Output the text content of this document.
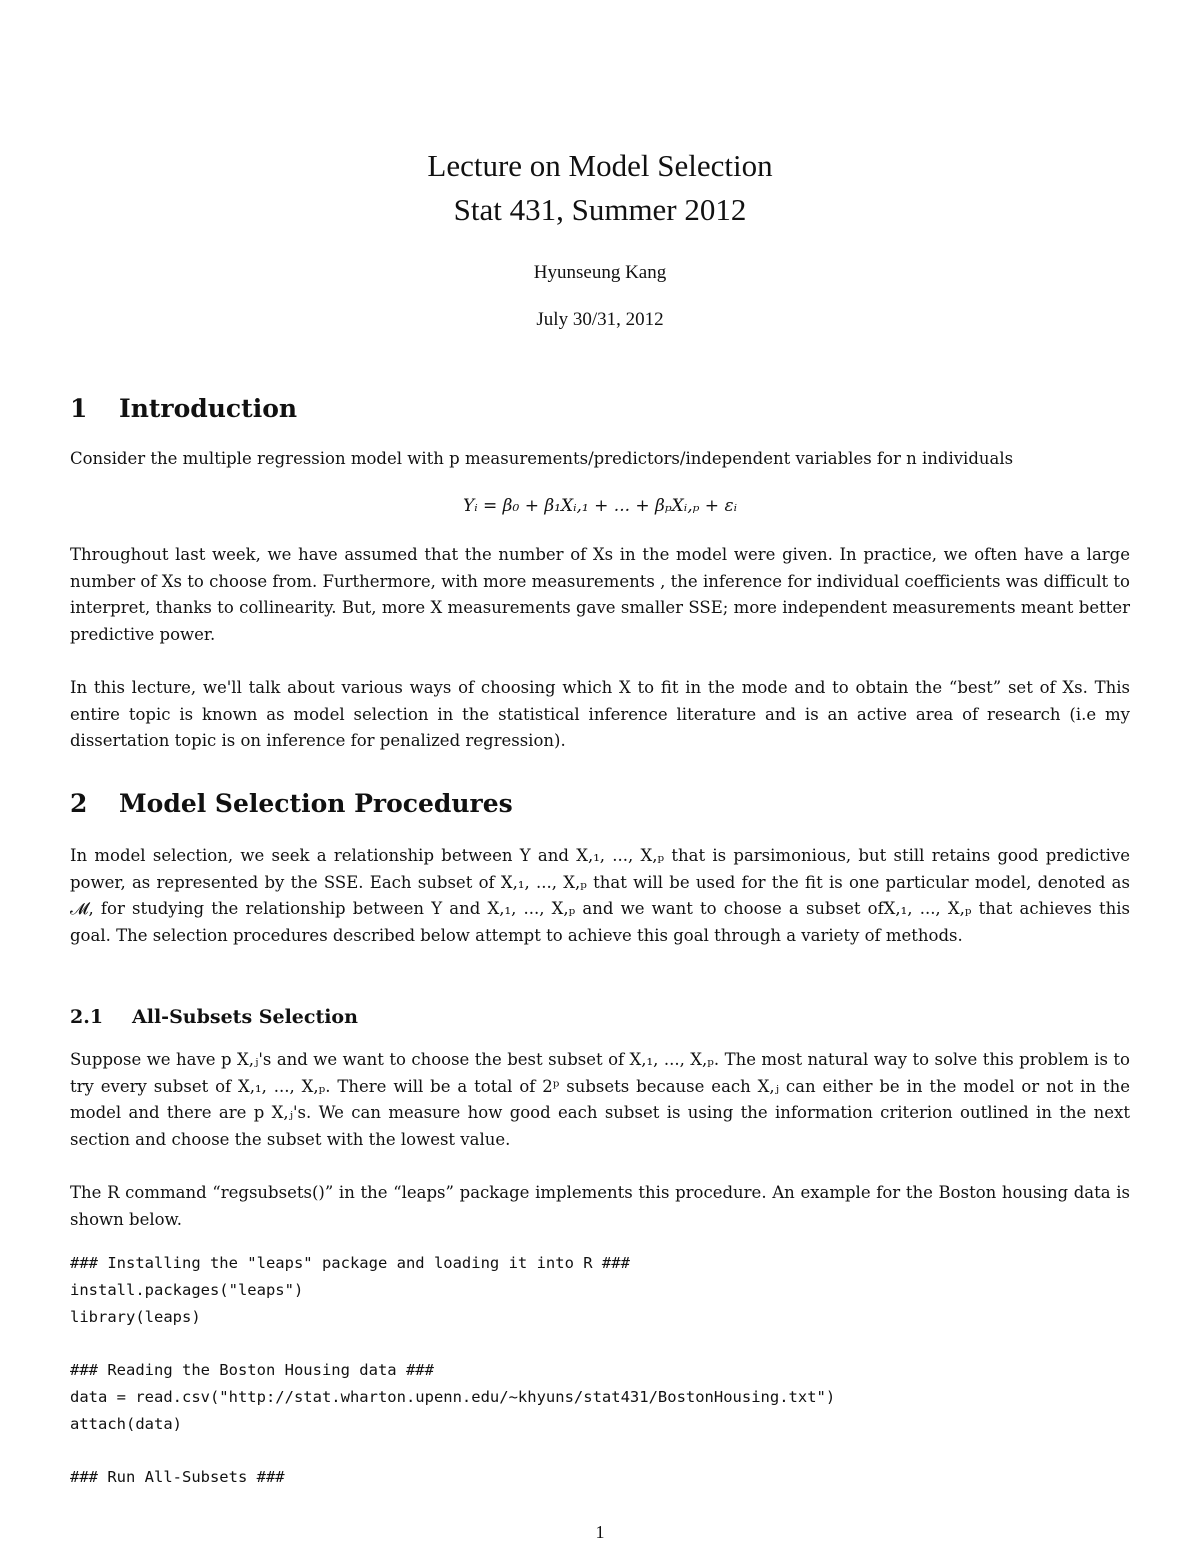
Lecture on Model Selection
Stat 431, Summer 2012
Hyunseung Kang
July 30/31, 2012
1 Introduction

Consider the multiple regression model with p measurements/predictors/independent variables for n individuals

Yᵢ = β₀ + β₁Xᵢ,₁ + ... + βₚXᵢ,ₚ + εᵢ

Throughout last week, we have assumed that the number of Xs in the model were given. In practice, we often have a large number of Xs to choose from. Furthermore, with more measurements , the inference for individual coefficients was difficult to interpret, thanks to collinearity. But, more X measurements gave smaller SSE; more independent measurements meant better predictive power.

In this lecture, we'll talk about various ways of choosing which X to fit in the mode and to obtain the “best” set of Xs. This entire topic is known as model selection in the statistical inference literature and is an active area of research (i.e my dissertation topic is on inference for penalized regression).

2 Model Selection Procedures

In model selection, we seek a relationship between Y and X,₁, ..., X,ₚ that is parsimonious, but still retains good predictive power, as represented by the SSE. Each subset of X,₁, ..., X,ₚ that will be used for the fit is one particular model, denoted as 𝓜, for studying the relationship between Y and X,₁, ..., X,ₚ and we want to choose a subset ofX,₁, ..., X,ₚ that achieves this goal. The selection procedures described below attempt to achieve this goal through a variety of methods.

2.1 All-Subsets Selection

Suppose we have p X,ⱼ's and we want to choose the best subset of X,₁, ..., X,ₚ. The most natural way to solve this problem is to try every subset of X,₁, ..., X,ₚ. There will be a total of 2ᵖ subsets because each X,ⱼ can either be in the model or not in the model and there are p X,ⱼ's. We can measure how good each subset is using the information criterion outlined in the next section and choose the subset with the lowest value.

The R command “regsubsets()” in the “leaps” package implements this procedure. An example for the Boston housing data is shown below.

### Installing the "leaps" package and loading it into R ###
install.packages("leaps")
library(leaps)

### Reading the Boston Housing data ###
data = read.csv("http://stat.wharton.upenn.edu/~khyuns/stat431/BostonHousing.txt")
attach(data)

### Run All-Subsets ###
1
